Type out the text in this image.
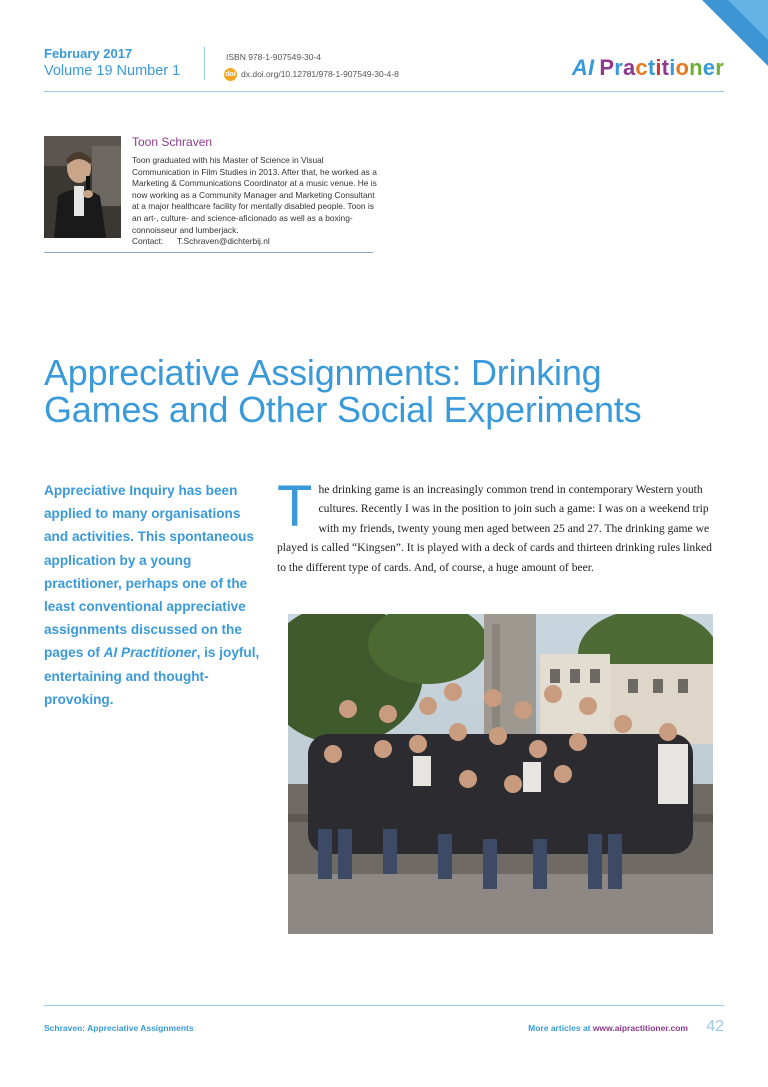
February 2017
Volume 19 Number 1
ISBN 978-1-907549-30-4
doi dx.doi.org/10.12781/978-1-907549-30-4-8	AI Practitioner
Toon Schraven
Toon graduated with his Master of Science in Visual Communication in Film Studies in 2013. After that, he worked as a Marketing & Communications Coordinator at a music venue. He is now working as a Community Manager and Marketing Consultant at a major healthcare facility for mentally disabled people. Toon is an art-, culture- and science-aficionado as well as a boxing-connoisseur and lumberjack.
Contact: T.Schraven@dichterbij.nl
Appreciative Assignments: Drinking Games and Other Social Experiments
Appreciative Inquiry has been applied to many organisations and activities. This spontaneous application by a young practitioner, perhaps one of the least conventional appreciative assignments discussed on the pages of AI Practitioner, is joyful, entertaining and thought-provoking.
The drinking game is an increasingly common trend in contemporary Western youth cultures. Recently I was in the position to join such a game: I was on a weekend trip with my friends, twenty young men aged between 25 and 27. The drinking game we played is called “Kingsen”. It is played with a deck of cards and thirteen drinking rules linked to the different type of cards. And, of course, a huge amount of beer.
Schraven: Appreciative Assignments	More articles at www.aipractitioner.com 42
